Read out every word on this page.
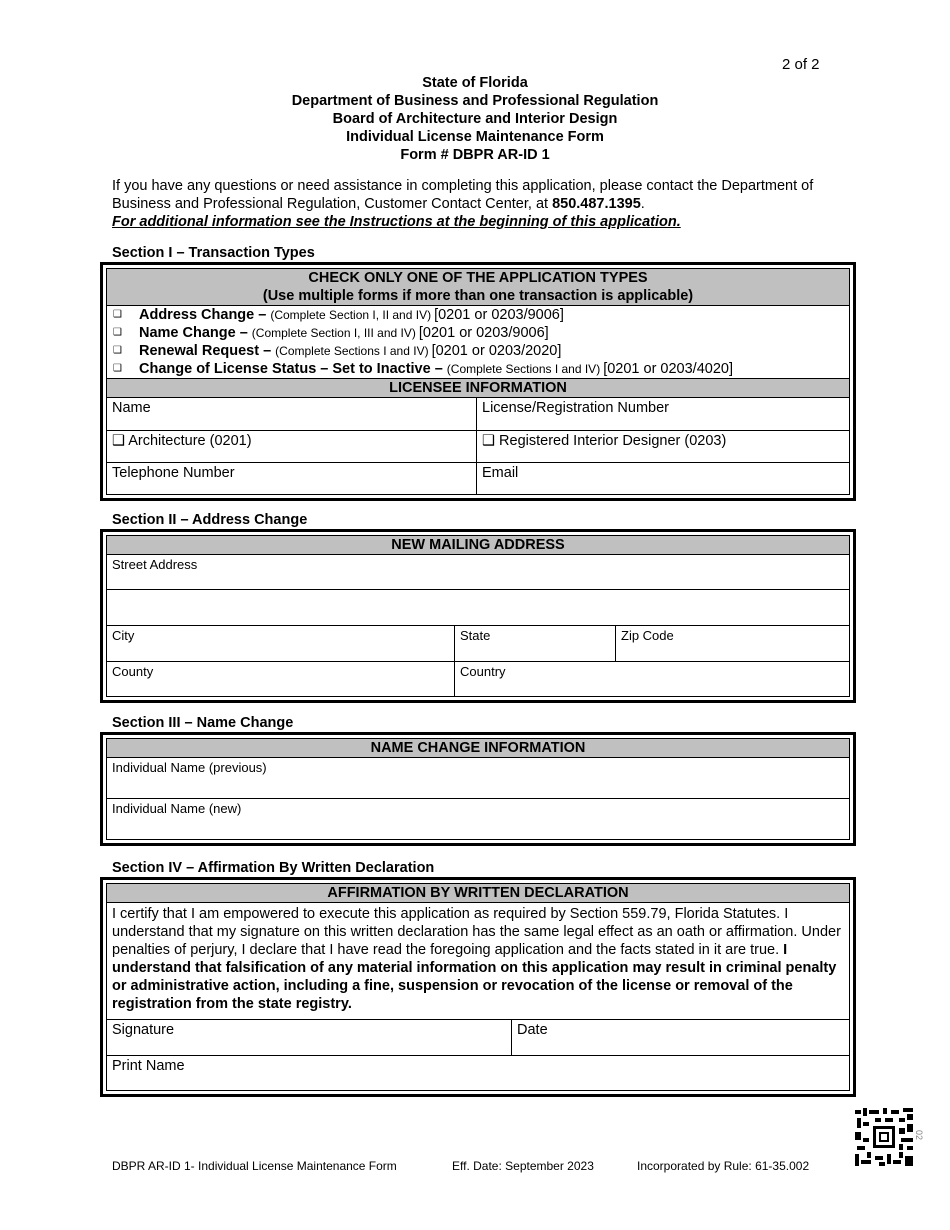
2 of 2
State of Florida
Department of Business and Professional Regulation
Board of Architecture and Interior Design
Individual License Maintenance Form
Form # DBPR AR-ID 1
If you have any questions or need assistance in completing this application, please contact the Department of Business and Professional Regulation, Customer Contact Center, at 850.487.1395.
For additional information see the Instructions at the beginning of this application.
Section I – Transaction Types
CHECK ONLY ONE OF THE APPLICATION TYPES
(Use multiple forms if more than one transaction is applicable)
❑ Address Change – (Complete Section I, II and IV) [0201 or 0203/9006]
❑ Name Change – (Complete Section I, III and IV) [0201 or 0203/9006]
❑ Renewal Request – (Complete Sections I and IV) [0201 or 0203/2020]
❑ Change of License Status – Set to Inactive – (Complete Sections I and IV) [0201 or 0203/4020]
LICENSEE INFORMATION
Name	License/Registration Number
❑ Architecture (0201)	❑ Registered Interior Designer (0203)
Telephone Number	Email
Section II – Address Change
NEW MAILING ADDRESS
Street Address
City	State	Zip Code
County	Country
Section III – Name Change
NAME CHANGE INFORMATION
Individual Name (previous)
Individual Name (new)
Section IV – Affirmation By Written Declaration
AFFIRMATION BY WRITTEN DECLARATION
I certify that I am empowered to execute this application as required by Section 559.79, Florida Statutes. I understand that my signature on this written declaration has the same legal effect as an oath or affirmation. Under penalties of perjury, I declare that I have read the foregoing application and the facts stated in it are true. I understand that falsification of any material information on this application may result in criminal penalty or administrative action, including a fine, suspension or revocation of the license or removal of the registration from the state registry.
Signature	Date
Print Name
DBPR AR-ID 1- Individual License Maintenance Form	Eff. Date: September 2023	Incorporated by Rule: 61-35.002
02
